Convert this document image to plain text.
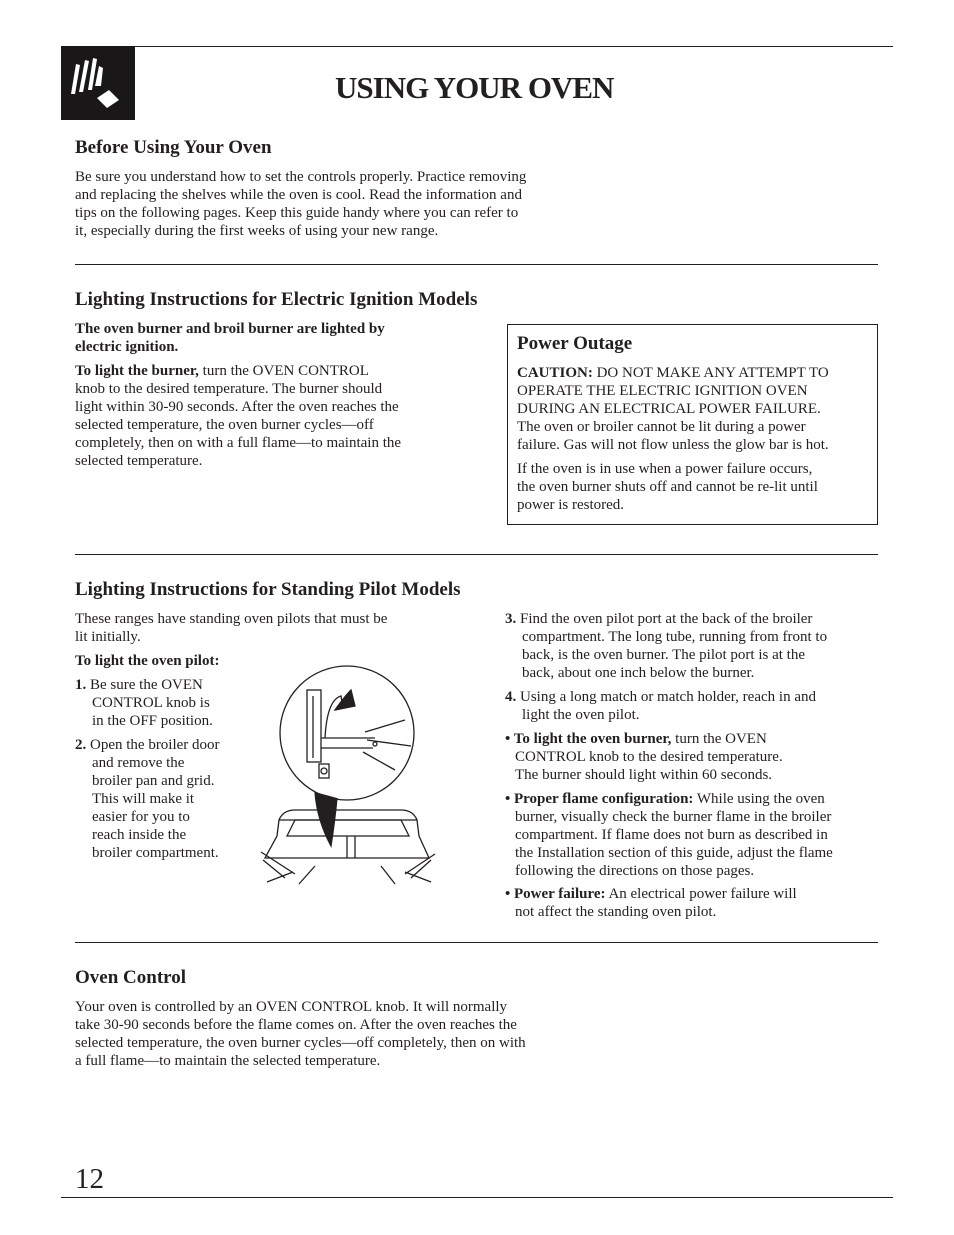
USING YOUR OVEN
Before Using Your Oven
Be sure you understand how to set the controls properly. Practice removing
and replacing the shelves while the oven is cool. Read the information and
tips on the following pages. Keep this guide handy where you can refer to
it, especially during the first weeks of using your new range.
Lighting Instructions for Electric Ignition Models
The oven burner and broil burner are lighted by
electric ignition.
To light the burner, turn the OVEN CONTROL
knob to the desired temperature. The burner should
light within 30-90 seconds. After the oven reaches the
selected temperature, the oven burner cycles—off
completely, then on with a full flame—to maintain the
selected temperature.
Power Outage
CAUTION: DO NOT MAKE ANY ATTEMPT TO
OPERATE THE ELECTRIC IGNITION OVEN
DURING AN ELECTRICAL POWER FAILURE.
The oven or broiler cannot be lit during a power
failure. Gas will not flow unless the glow bar is hot.
If the oven is in use when a power failure occurs,
the oven burner shuts off and cannot be re-lit until
power is restored.
Lighting Instructions for Standing Pilot Models
These ranges have standing oven pilots that must be
lit initially.
To light the oven pilot:
1. Be sure the OVEN
CONTROL knob is
in the OFF position.
2. Open the broiler door
and remove the
broiler pan and grid.
This will make it
easier for you to
reach inside the
broiler compartment.
3. Find the oven pilot port at the back of the broiler
compartment. The long tube, running from front to
back, is the oven burner. The pilot port is at the
back, about one inch below the burner.
4. Using a long match or match holder, reach in and
light the oven pilot.
• To light the oven burner, turn the OVEN
CONTROL knob to the desired temperature.
The burner should light within 60 seconds.
• Proper flame configuration: While using the oven
burner, visually check the burner flame in the broiler
compartment. If flame does not burn as described in
the Installation section of this guide, adjust the flame
following the directions on those pages.
• Power failure: An electrical power failure will
not affect the standing oven pilot.
Oven Control
Your oven is controlled by an OVEN CONTROL knob. It will normally
take 30-90 seconds before the flame comes on. After the oven reaches the
selected temperature, the oven burner cycles—off completely, then on with
a full flame—to maintain the selected temperature.
12
